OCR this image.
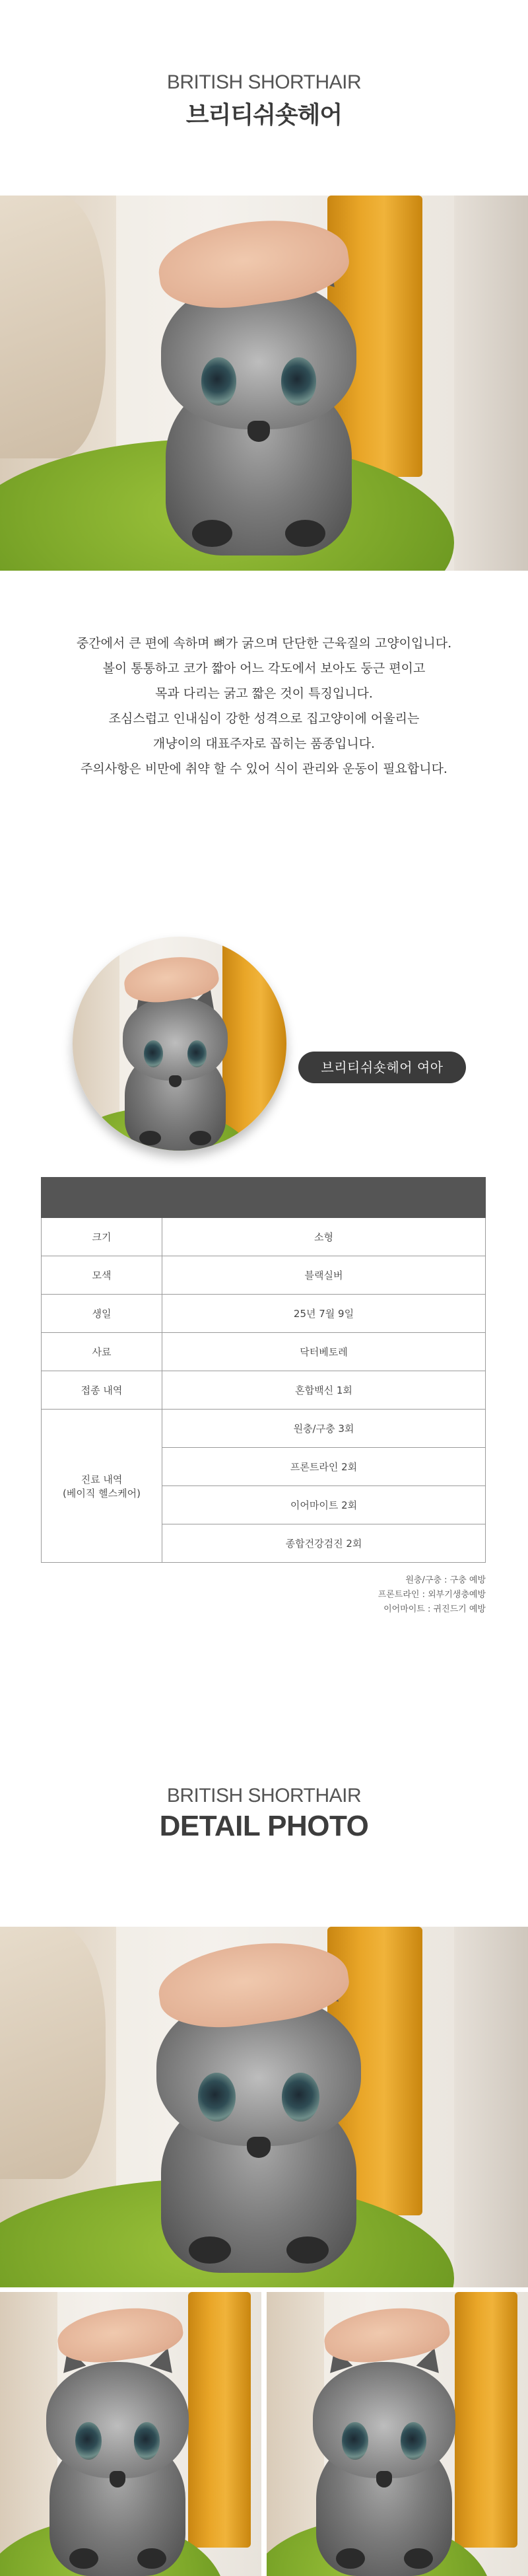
BRITISH SHORTHAIR
브리티쉬숏헤어
중간에서 큰 편에 속하며 뼈가 굵으며 단단한 근육질의 고양이입니다.
볼이 통통하고 코가 짧아 어느 각도에서 보아도 둥근 편이고
목과 다리는 굵고 짧은 것이 특징입니다.
조심스럽고 인내심이 강한 성격으로 집고양이에 어울리는
개냥이의 대표주자로 꼽히는 품종입니다.
주의사항은 비만에 취약 할 수 있어 식이 관리와 운동이 필요합니다.
브리티쉬숏헤어 여아

크기	소형
모색	블랙실버
생일	25년 7월 9일
사료	닥터베토레
접종 내역	혼합백신 1회

진료 내역
(베이직 헬스케어)	원충/구충 3회
	프론트라인 2회
	이어마이트 2회
	종합건강검진 2회
원충/구충 : 구충 예방
프론트라인 : 외부기생충예방
이어마이트 : 귀진드기 예방
BRITISH SHORTHAIR
DETAIL PHOTO
